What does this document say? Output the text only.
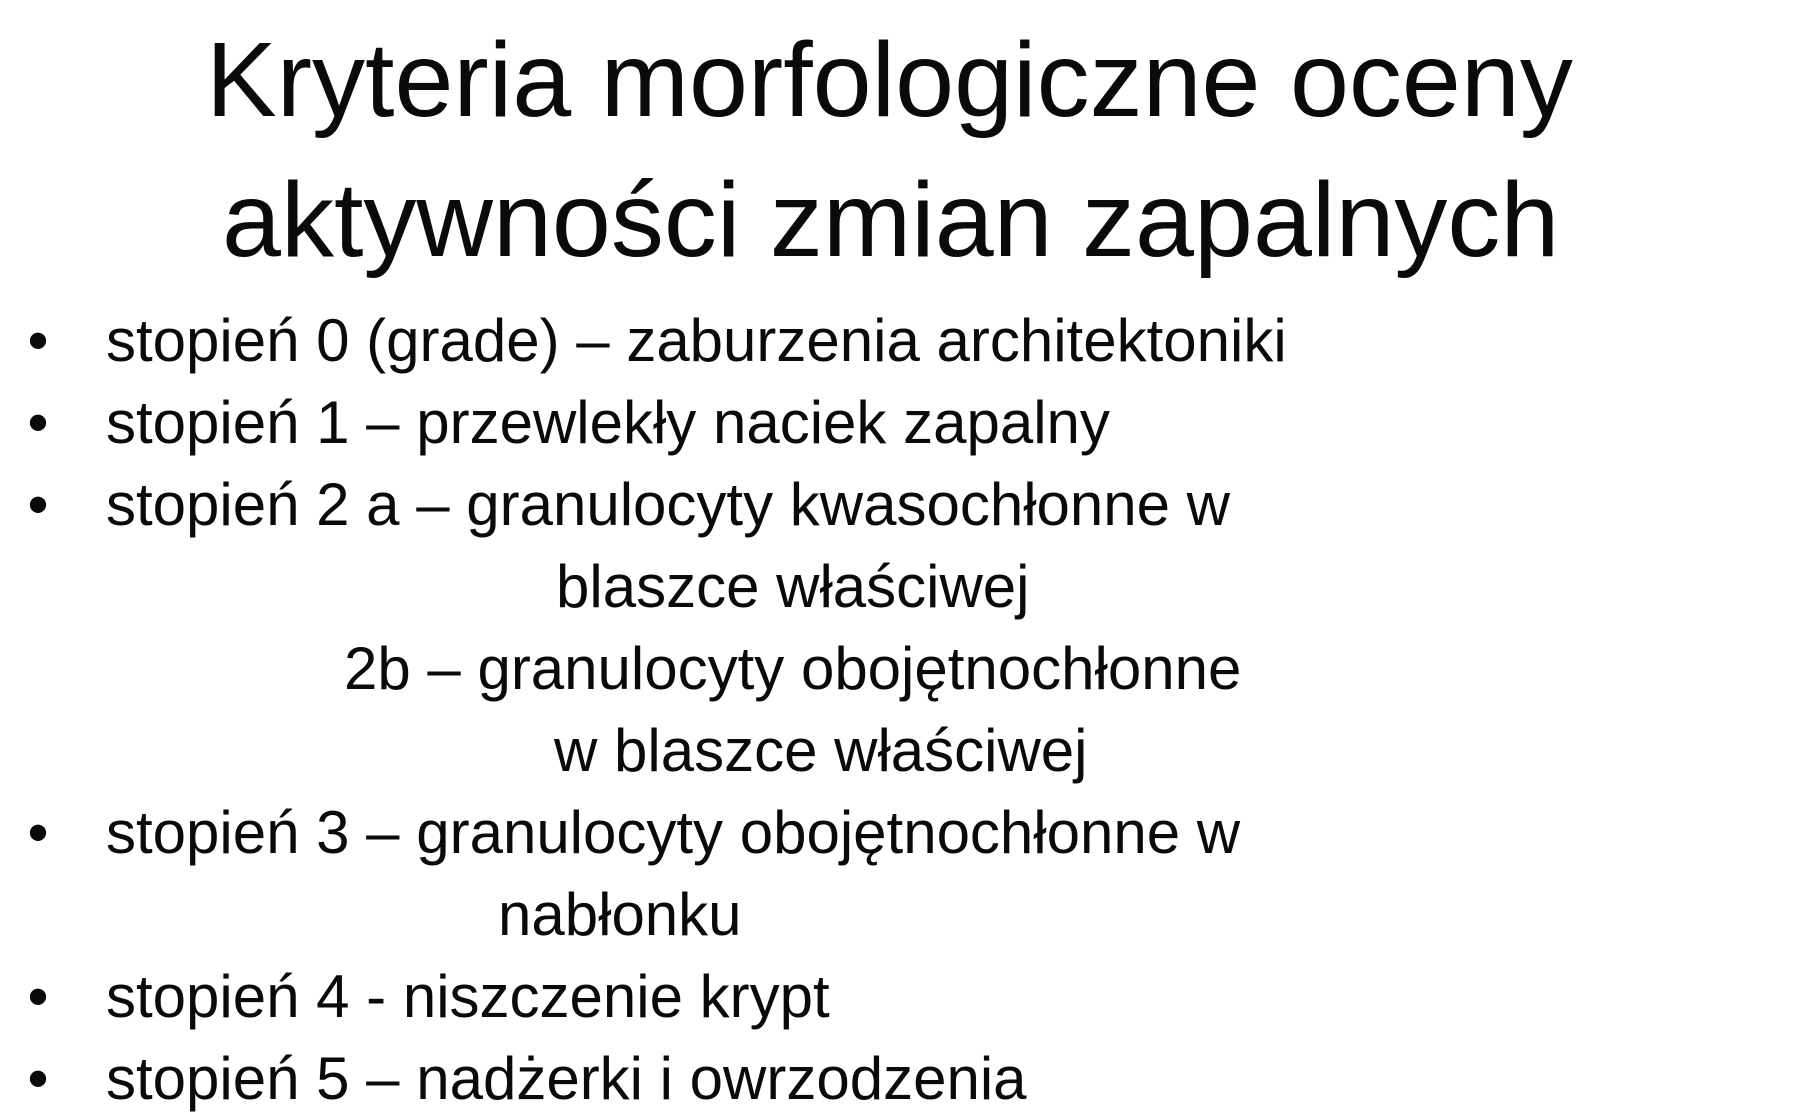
Kryteria morfologiczne oceny
aktywności zmian zapalnych
• stopień 0 (grade) – zaburzenia architektoniki
• stopień 1 – przewlekły naciek zapalny
• stopień 2 a – granulocyty kwasochłonne w
blaszce właściwej
2b – granulocyty obojętnochłonne
w blaszce właściwej
• stopień 3 – granulocyty obojętnochłonne w
nabłonku
• stopień 4 - niszczenie krypt
• stopień 5 – nadżerki i owrzodzenia
